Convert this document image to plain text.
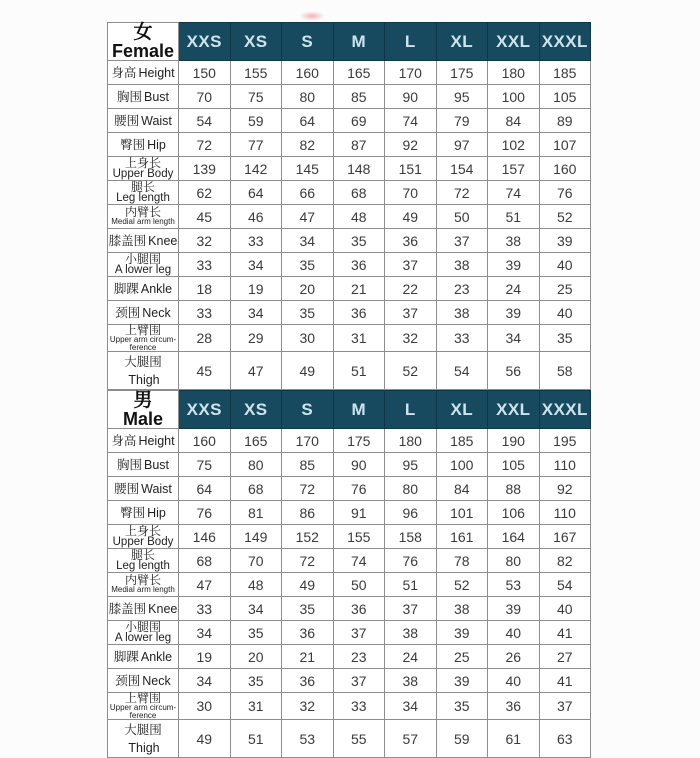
女
Female	XXS	XS	S	M	L	XL	XXL	XXXL
身高 Height	150	155	160	165	170	175	180	185
胸围 Bust	70	75	80	85	90	95	100	105
腰围 Waist	54	59	64	69	74	79	84	89
臀围 Hip	72	77	82	87	92	97	102	107

上身长
Upper Body	139	142	145	148	151	154	157	160

腿长
Leg length	62	64	66	68	70	72	74	76

内臂长
Medial arm length	45	46	47	48	49	50	51	52
膝盖围 Knee	32	33	34	35	36	37	38	39

小腿围
A lower leg	33	34	35	36	37	38	39	40
脚踝 Ankle	18	19	20	21	22	23	24	25
颈围 Neck	33	34	35	36	37	38	39	40

上臂围
Upper arm circum-
ference	28	29	30	31	32	33	34	35
大腿围Thigh	45	47	49	51	52	54	56	58
男
Male	XXS	XS	S	M	L	XL	XXL	XXXL
身高 Height	160	165	170	175	180	185	190	195
胸围 Bust	75	80	85	90	95	100	105	110
腰围 Waist	64	68	72	76	80	84	88	92
臀围 Hip	76	81	86	91	96	101	106	110

上身长
Upper Body	146	149	152	155	158	161	164	167

腿长
Leg length	68	70	72	74	76	78	80	82

内臂长
Medial arm length	47	48	49	50	51	52	53	54
膝盖围 Knee	33	34	35	36	37	38	39	40

小腿围
A lower leg	34	35	36	37	38	39	40	41
脚踝 Ankle	19	20	21	23	24	25	26	27
颈围 Neck	34	35	36	37	38	39	40	41

上臂围
Upper arm circum-
ference	30	31	32	33	34	35	36	37
大腿围Thigh	49	51	53	55	57	59	61	63
